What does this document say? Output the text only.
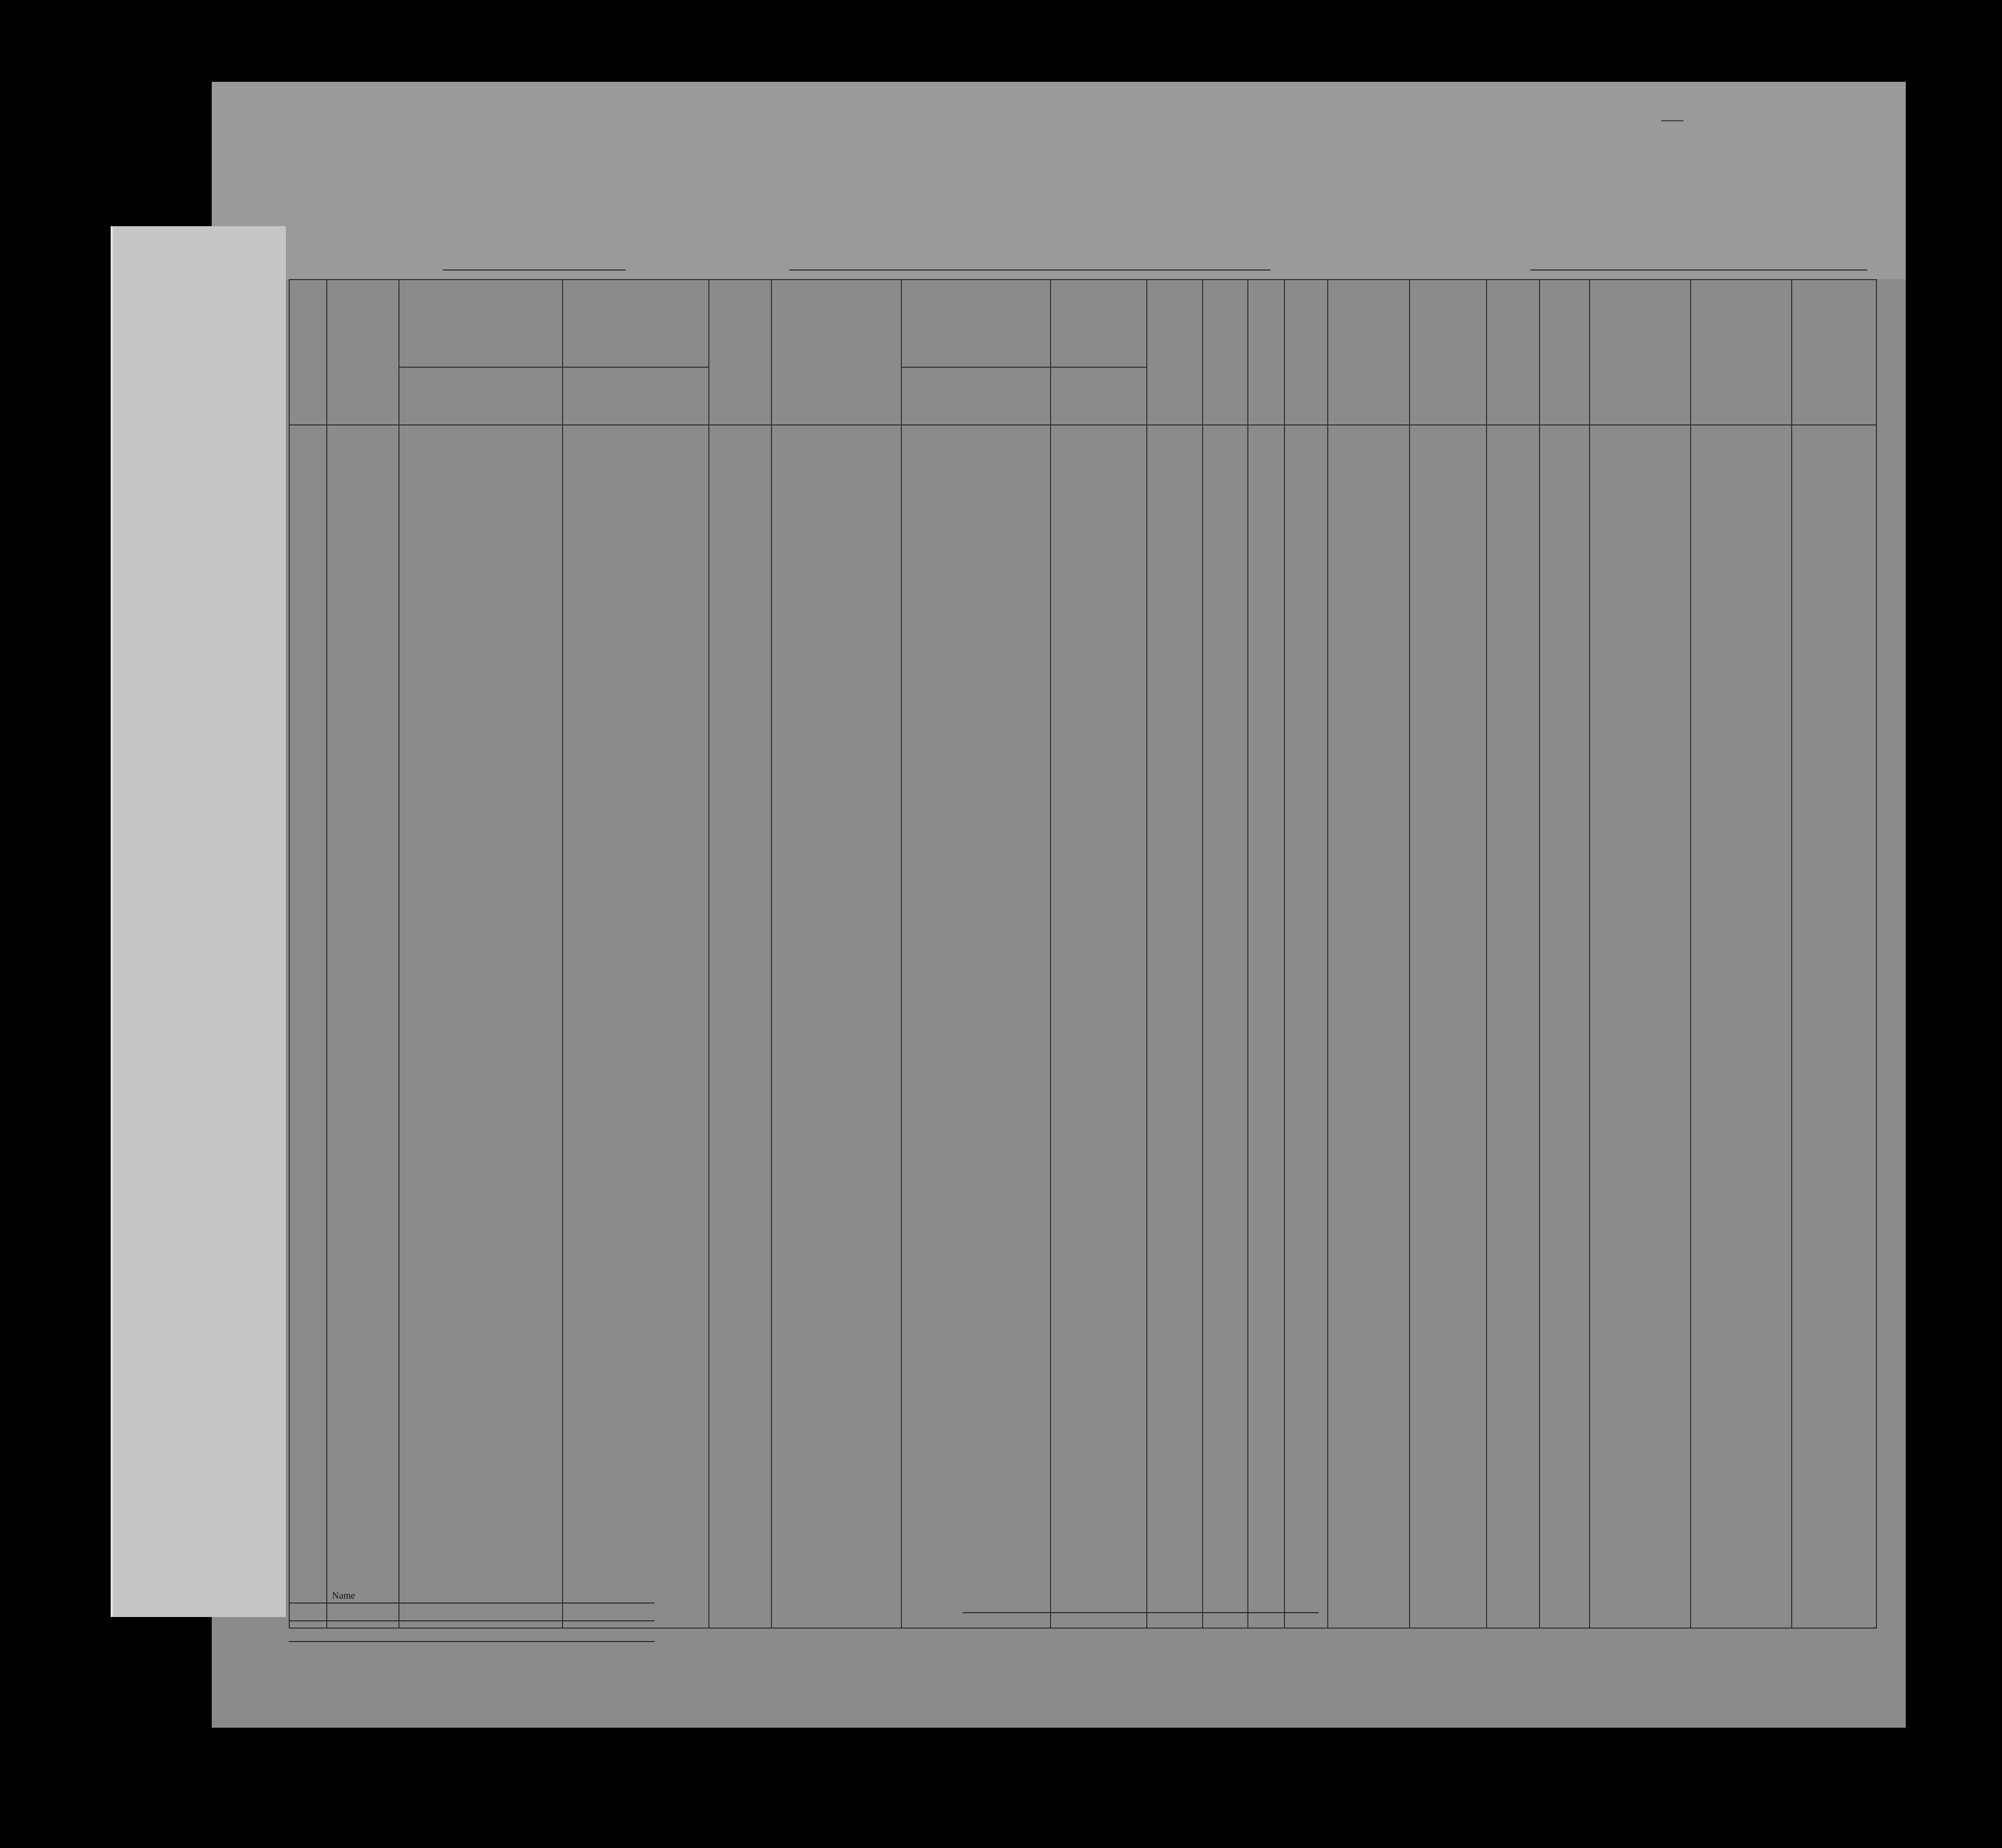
Name
